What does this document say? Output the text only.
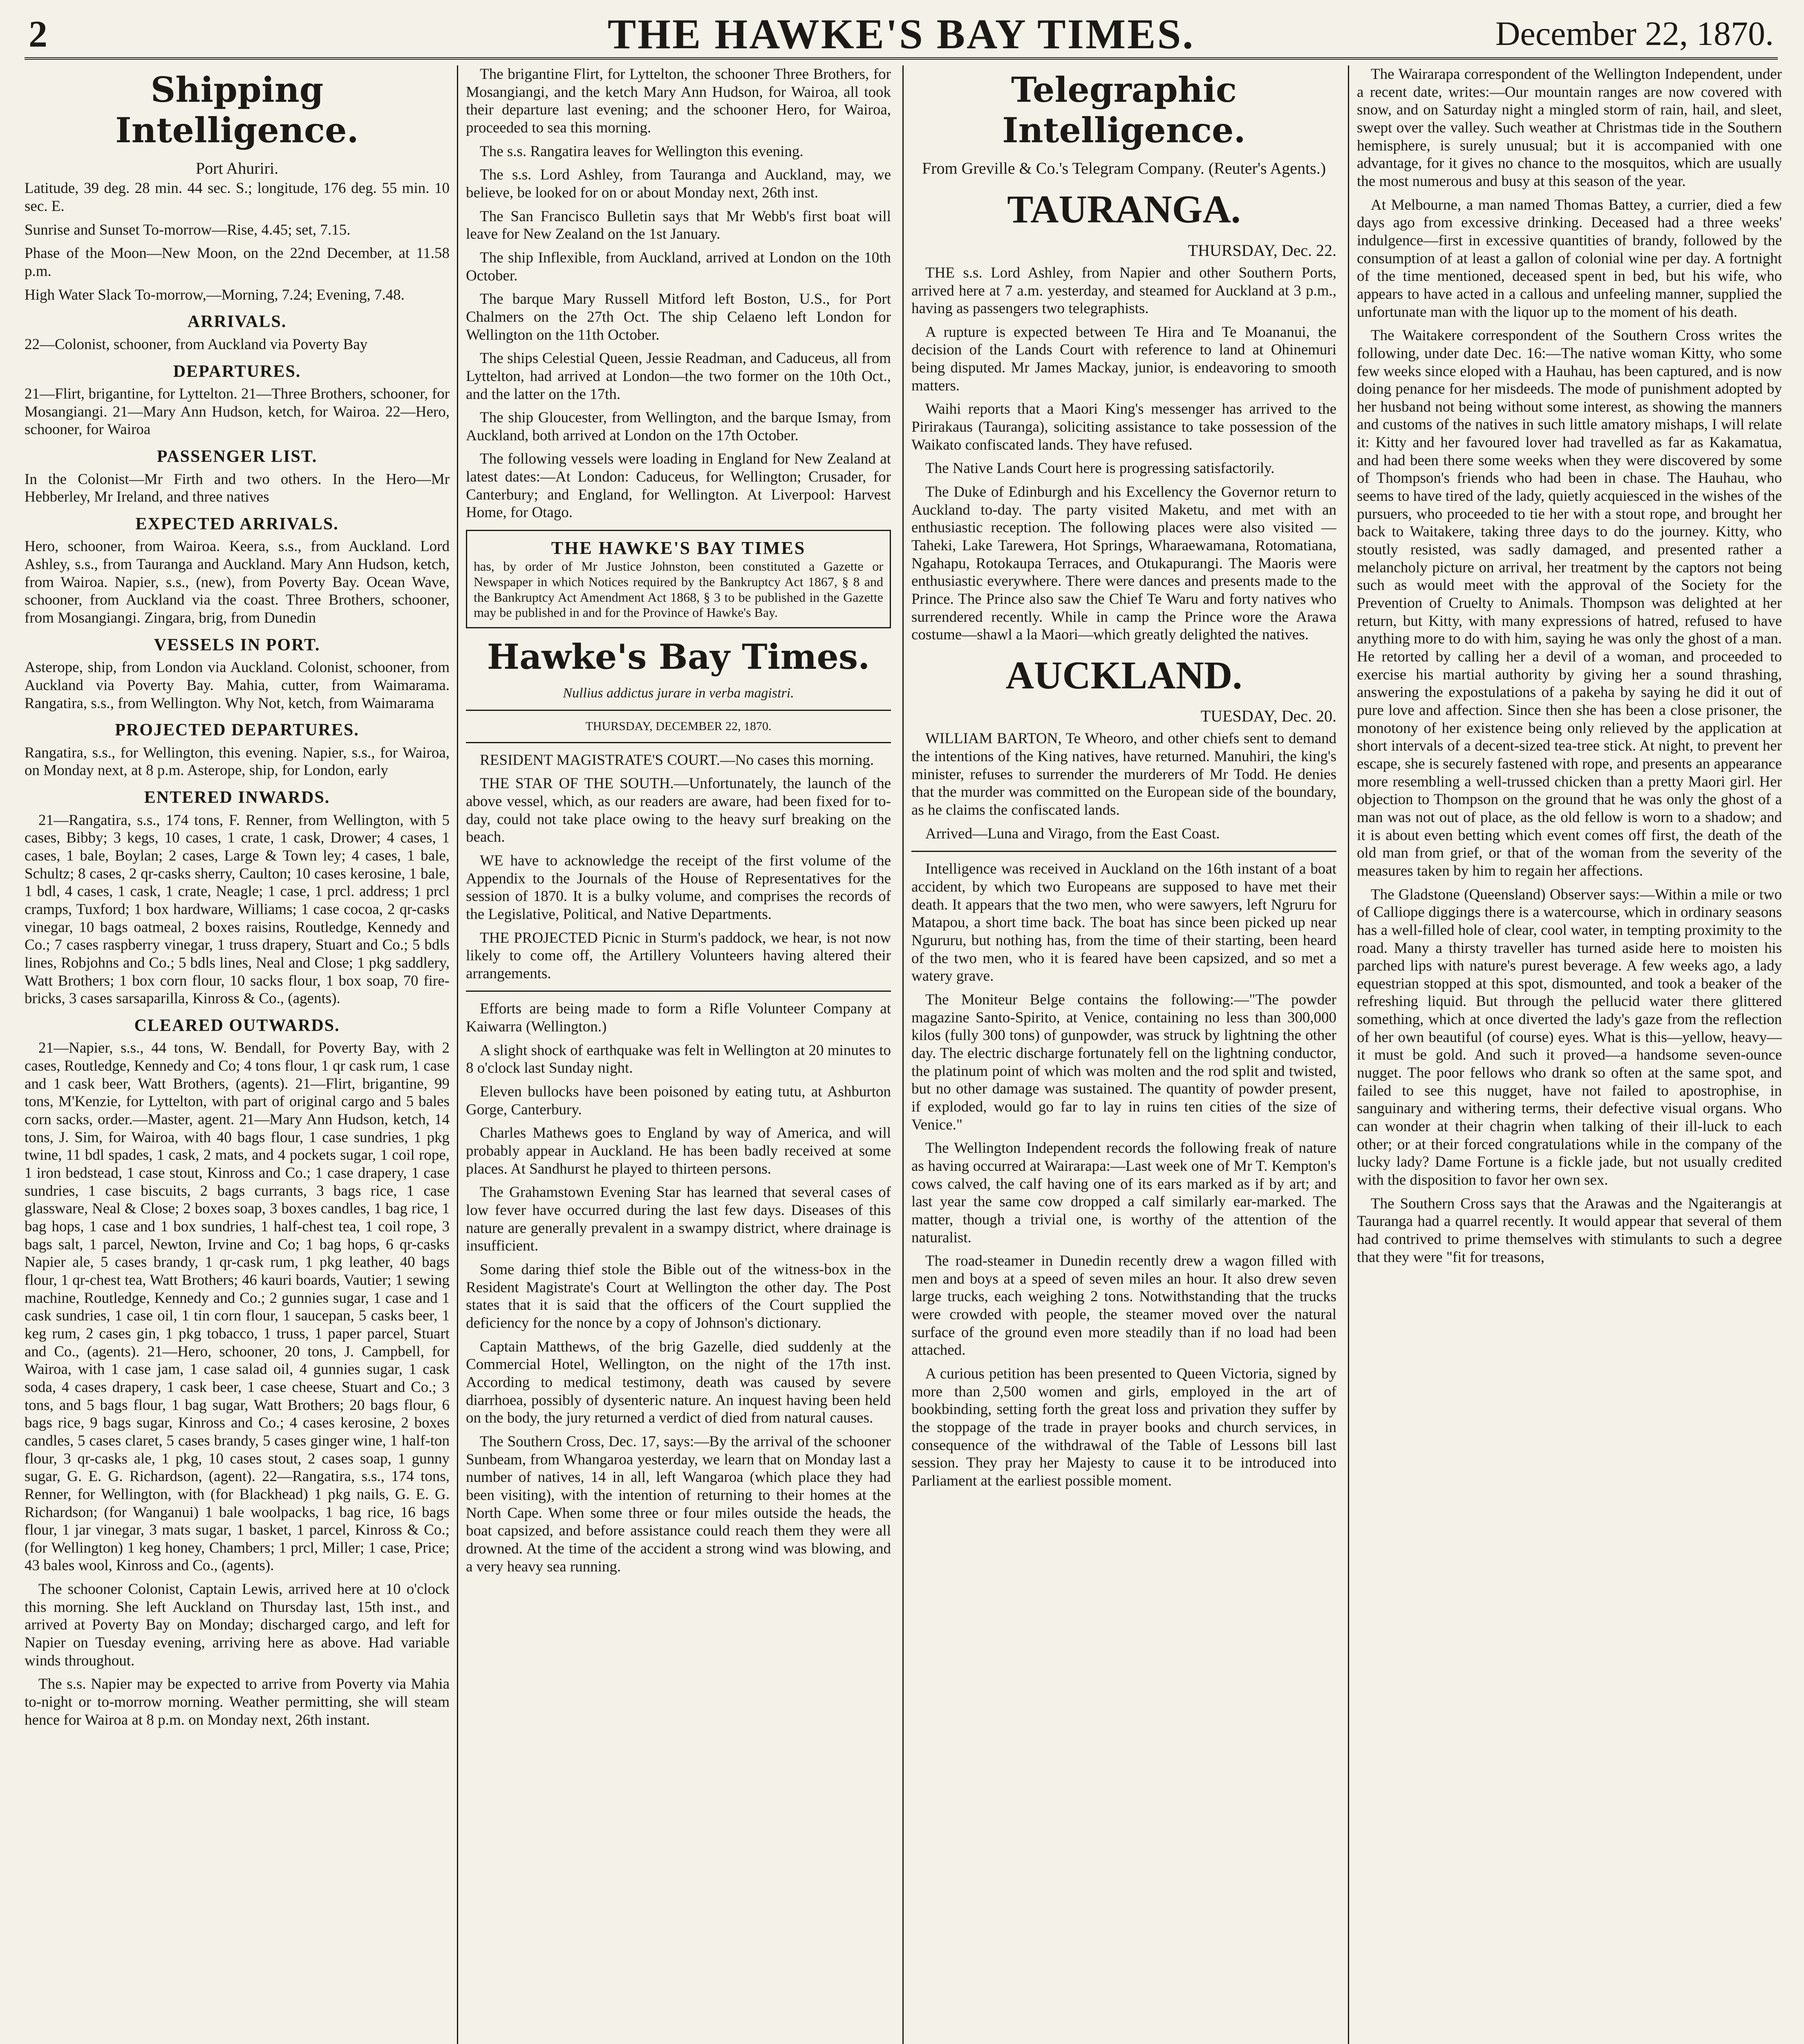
2	THE HAWKE'S BAY TIMES.	December 22, 1870.
Shipping Intelligence.
Port Ahuriri.

Latitude, 39 deg. 28 min. 44 sec. S.; longitude, 176 deg. 55 min. 10 sec. E.

Sunrise and Sunset To-morrow—Rise, 4.45; set, 7.15.

Phase of the Moon—New Moon, on the 22nd December, at 11.58 p.m.

High Water Slack To-morrow,—Morning, 7.24; Evening, 7.48.

ARRIVALS.

22—Colonist, schooner, from Auckland via Poverty Bay

DEPARTURES.

21—Flirt, brigantine, for Lyttelton. 21—Three Brothers, schooner, for Mosangiangi. 21—Mary Ann Hudson, ketch, for Wairoa. 22—Hero, schooner, for Wairoa

PASSENGER LIST.

In the Colonist—Mr Firth and two others. In the Hero—Mr Hebberley, Mr Ireland, and three natives

EXPECTED ARRIVALS.

Hero, schooner, from Wairoa. Keera, s.s., from Auckland. Lord Ashley, s.s., from Tauranga and Auckland. Mary Ann Hudson, ketch, from Wairoa. Napier, s.s., (new), from Poverty Bay. Ocean Wave, schooner, from Auckland via the coast. Three Brothers, schooner, from Mosangiangi. Zingara, brig, from Dunedin

VESSELS IN PORT.

Asterope, ship, from London via Auckland. Colonist, schooner, from Auckland via Poverty Bay. Mahia, cutter, from Waimarama. Rangatira, s.s., from Wellington. Why Not, ketch, from Waimarama

PROJECTED DEPARTURES.

Rangatira, s.s., for Wellington, this evening. Napier, s.s., for Wairoa, on Monday next, at 8 p.m. Asterope, ship, for London, early

ENTERED INWARDS.

21—Rangatira, s.s., 174 tons, F. Renner, from Wellington, with 5 cases, Bibby; 3 kegs, 10 cases, 1 crate, 1 cask, Drower; 4 cases, 1 cases, 1 bale, Boylan; 2 cases, Large & Town ley; 4 cases, 1 bale, Schultz; 8 cases, 2 qr-casks sherry, Caulton; 10 cases kerosine, 1 bale, 1 bdl, 4 cases, 1 cask, 1 crate, Neagle; 1 case, 1 prcl. address; 1 prcl cramps, Tuxford; 1 box hardware, Williams; 1 case cocoa, 2 qr-casks vinegar, 10 bags oatmeal, 2 boxes raisins, Routledge, Kennedy and Co.; 7 cases raspberry vinegar, 1 truss drapery, Stuart and Co.; 5 bdls lines, Robjohns and Co.; 5 bdls lines, Neal and Close; 1 pkg saddlery, Watt Brothers; 1 box corn flour, 10 sacks flour, 1 box soap, 70 fire-bricks, 3 cases sarsaparilla, Kinross & Co., (agents).

CLEARED OUTWARDS.

21—Napier, s.s., 44 tons, W. Bendall, for Poverty Bay, with 2 cases, Routledge, Kennedy and Co; 4 tons flour, 1 qr cask rum, 1 case and 1 cask beer, Watt Brothers, (agents). 21—Flirt, brigantine, 99 tons, M'Kenzie, for Lyttelton, with part of original cargo and 5 bales corn sacks, order.—Master, agent. 21—Mary Ann Hudson, ketch, 14 tons, J. Sim, for Wairoa, with 40 bags flour, 1 case sundries, 1 pkg twine, 11 bdl spades, 1 cask, 2 mats, and 4 pockets sugar, 1 coil rope, 1 iron bedstead, 1 case stout, Kinross and Co.; 1 case drapery, 1 case sundries, 1 case biscuits, 2 bags currants, 3 bags rice, 1 case glassware, Neal & Close; 2 boxes soap, 3 boxes candles, 1 bag rice, 1 bag hops, 1 case and 1 box sundries, 1 half-chest tea, 1 coil rope, 3 bags salt, 1 parcel, Newton, Irvine and Co; 1 bag hops, 6 qr-casks Napier ale, 5 cases brandy, 1 qr-cask rum, 1 pkg leather, 40 bags flour, 1 qr-chest tea, Watt Brothers; 46 kauri boards, Vautier; 1 sewing machine, Routledge, Kennedy and Co.; 2 gunnies sugar, 1 case and 1 cask sundries, 1 case oil, 1 tin corn flour, 1 saucepan, 5 casks beer, 1 keg rum, 2 cases gin, 1 pkg tobacco, 1 truss, 1 paper parcel, Stuart and Co., (agents). 21—Hero, schooner, 20 tons, J. Campbell, for Wairoa, with 1 case jam, 1 case salad oil, 4 gunnies sugar, 1 cask soda, 4 cases drapery, 1 cask beer, 1 case cheese, Stuart and Co.; 3 tons, and 5 bags flour, 1 bag sugar, Watt Brothers; 20 bags flour, 6 bags rice, 9 bags sugar, Kinross and Co.; 4 cases kerosine, 2 boxes candles, 5 cases claret, 5 cases brandy, 5 cases ginger wine, 1 half-ton flour, 3 qr-casks ale, 1 pkg, 10 cases stout, 2 cases soap, 1 gunny sugar, G. E. G. Richardson, (agent). 22—Rangatira, s.s., 174 tons, Renner, for Wellington, with (for Blackhead) 1 pkg nails, G. E. G. Richardson; (for Wanganui) 1 bale woolpacks, 1 bag rice, 16 bags flour, 1 jar vinegar, 3 mats sugar, 1 basket, 1 parcel, Kinross & Co.; (for Wellington) 1 keg honey, Chambers; 1 prcl, Miller; 1 case, Price; 43 bales wool, Kinross and Co., (agents).

The schooner Colonist, Captain Lewis, arrived here at 10 o'clock this morning. She left Auckland on Thursday last, 15th inst., and arrived at Poverty Bay on Monday; discharged cargo, and left for Napier on Tuesday evening, arriving here as above. Had variable winds throughout.

The s.s. Napier may be expected to arrive from Poverty via Mahia to-night or to-morrow morning. Weather permitting, she will steam hence for Wairoa at 8 p.m. on Monday next, 26th instant.

The brigantine Flirt, for Lyttelton, the schooner Three Brothers, for Mosangiangi, and the ketch Mary Ann Hudson, for Wairoa, all took their departure last evening; and the schooner Hero, for Wairoa, proceeded to sea this morning.

The s.s. Rangatira leaves for Wellington this evening.

The s.s. Lord Ashley, from Tauranga and Auckland, may, we believe, be looked for on or about Monday next, 26th inst.

The San Francisco Bulletin says that Mr Webb's first boat will leave for New Zealand on the 1st January.

The ship Inflexible, from Auckland, arrived at London on the 10th October.

The barque Mary Russell Mitford left Boston, U.S., for Port Chalmers on the 27th Oct. The ship Celaeno left London for Wellington on the 11th October.

The ships Celestial Queen, Jessie Readman, and Caduceus, all from Lyttelton, had arrived at London—the two former on the 10th Oct., and the latter on the 17th.

The ship Gloucester, from Wellington, and the barque Ismay, from Auckland, both arrived at London on the 17th October.

The following vessels were loading in England for New Zealand at latest dates:—At London: Caduceus, for Wellington; Crusader, for Canterbury; and England, for Wellington. At Liverpool: Harvest Home, for Otago.

THE HAWKE'S BAY TIMES
has, by order of Mr Justice Johnston, been constituted a Gazette or Newspaper in which Notices required by the Bankruptcy Act 1867, § 8 and the Bankruptcy Act Amendment Act 1868, § 3 to be published in the Gazette may be published in and for the Province of Hawke's Bay.
Hawke's Bay Times.
Nullius addictus jurare in verba magistri.
THURSDAY, DECEMBER 22, 1870.

RESIDENT MAGISTRATE'S COURT.—No cases this morning.

THE STAR OF THE SOUTH.—Unfortunately, the launch of the above vessel, which, as our readers are aware, had been fixed for to-day, could not take place owing to the heavy surf breaking on the beach.

WE have to acknowledge the receipt of the first volume of the Appendix to the Journals of the House of Representatives for the session of 1870. It is a bulky volume, and comprises the records of the Legislative, Political, and Native Departments.

THE PROJECTED Picnic in Sturm's paddock, we hear, is not now likely to come off, the Artillery Volunteers having altered their arrangements.

Efforts are being made to form a Rifle Volunteer Company at Kaiwarra (Wellington.)

A slight shock of earthquake was felt in Wellington at 20 minutes to 8 o'clock last Sunday night.

Eleven bullocks have been poisoned by eating tutu, at Ashburton Gorge, Canterbury.

Charles Mathews goes to England by way of America, and will probably appear in Auckland. He has been badly received at some places. At Sandhurst he played to thirteen persons.

The Grahamstown Evening Star has learned that several cases of low fever have occurred during the last few days. Diseases of this nature are generally prevalent in a swampy district, where drainage is insufficient.

Some daring thief stole the Bible out of the witness-box in the Resident Magistrate's Court at Wellington the other day. The Post states that it is said that the officers of the Court supplied the deficiency for the nonce by a copy of Johnson's dictionary.

Captain Matthews, of the brig Gazelle, died suddenly at the Commercial Hotel, Wellington, on the night of the 17th inst. According to medical testimony, death was caused by severe diarrhoea, possibly of dysenteric nature. An inquest having been held on the body, the jury returned a verdict of died from natural causes.

The Southern Cross, Dec. 17, says:—By the arrival of the schooner Sunbeam, from Whangaroa yesterday, we learn that on Monday last a number of natives, 14 in all, left Wangaroa (which place they had been visiting), with the intention of returning to their homes at the North Cape. When some three or four miles outside the heads, the boat capsized, and before assistance could reach them they were all drowned. At the time of the accident a strong wind was blowing, and a very heavy sea running.

Telegraphic Intelligence.
From Greville & Co.'s Telegram Company. (Reuter's Agents.)
TAURANGA.
THURSDAY, Dec. 22.

THE s.s. Lord Ashley, from Napier and other Southern Ports, arrived here at 7 a.m. yesterday, and steamed for Auckland at 3 p.m., having as passengers two telegraphists.

A rupture is expected between Te Hira and Te Moananui, the decision of the Lands Court with reference to land at Ohinemuri being disputed. Mr James Mackay, junior, is endeavoring to smooth matters.

Waihi reports that a Maori King's messenger has arrived to the Pirirakaus (Tauranga), soliciting assistance to take possession of the Waikato confiscated lands. They have refused.

The Native Lands Court here is progressing satisfactorily.

The Duke of Edinburgh and his Excellency the Governor return to Auckland to-day. The party visited Maketu, and met with an enthusiastic reception. The following places were also visited —Taheki, Lake Tarewera, Hot Springs, Wharaewamana, Rotomatiana, Ngahapu, Rotokaupa Terraces, and Otukapurangi. The Maoris were enthusiastic everywhere. There were dances and presents made to the Prince. The Prince also saw the Chief Te Waru and forty natives who surrendered recently. While in camp the Prince wore the Arawa costume—shawl a la Maori—which greatly delighted the natives.

AUCKLAND.
TUESDAY, Dec. 20.

WILLIAM BARTON, Te Wheoro, and other chiefs sent to demand the intentions of the King natives, have returned. Manuhiri, the king's minister, refuses to surrender the murderers of Mr Todd. He denies that the murder was committed on the European side of the boundary, as he claims the confiscated lands.

Arrived—Luna and Virago, from the East Coast.

Intelligence was received in Auckland on the 16th instant of a boat accident, by which two Europeans are supposed to have met their death. It appears that the two men, who were sawyers, left Ngruru for Matapou, a short time back. The boat has since been picked up near Ngururu, but nothing has, from the time of their starting, been heard of the two men, who it is feared have been capsized, and so met a watery grave.

The Moniteur Belge contains the following:—"The powder magazine Santo-Spirito, at Venice, containing no less than 300,000 kilos (fully 300 tons) of gunpowder, was struck by lightning the other day. The electric discharge fortunately fell on the lightning conductor, the platinum point of which was molten and the rod split and twisted, but no other damage was sustained. The quantity of powder present, if exploded, would go far to lay in ruins ten cities of the size of Venice."

The Wellington Independent records the following freak of nature as having occurred at Wairarapa:—Last week one of Mr T. Kempton's cows calved, the calf having one of its ears marked as if by art; and last year the same cow dropped a calf similarly ear-marked. The matter, though a trivial one, is worthy of the attention of the naturalist.

The road-steamer in Dunedin recently drew a wagon filled with men and boys at a speed of seven miles an hour. It also drew seven large trucks, each weighing 2 tons. Notwithstanding that the trucks were crowded with people, the steamer moved over the natural surface of the ground even more steadily than if no load had been attached.

A curious petition has been presented to Queen Victoria, signed by more than 2,500 women and girls, employed in the art of bookbinding, setting forth the great loss and privation they suffer by the stoppage of the trade in prayer books and church services, in consequence of the withdrawal of the Table of Lessons bill last session. They pray her Majesty to cause it to be introduced into Parliament at the earliest possible moment.

The Wairarapa correspondent of the Wellington Independent, under a recent date, writes:—Our mountain ranges are now covered with snow, and on Saturday night a mingled storm of rain, hail, and sleet, swept over the valley. Such weather at Christmas tide in the Southern hemisphere, is surely unusual; but it is accompanied with one advantage, for it gives no chance to the mosquitos, which are usually the most numerous and busy at this season of the year.

At Melbourne, a man named Thomas Battey, a currier, died a few days ago from excessive drinking. Deceased had a three weeks' indulgence—first in excessive quantities of brandy, followed by the consumption of at least a gallon of colonial wine per day. A fortnight of the time mentioned, deceased spent in bed, but his wife, who appears to have acted in a callous and unfeeling manner, supplied the unfortunate man with the liquor up to the moment of his death.

The Waitakere correspondent of the Southern Cross writes the following, under date Dec. 16:—The native woman Kitty, who some few weeks since eloped with a Hauhau, has been captured, and is now doing penance for her misdeeds. The mode of punishment adopted by her husband not being without some interest, as showing the manners and customs of the natives in such little amatory mishaps, I will relate it: Kitty and her favoured lover had travelled as far as Kakamatua, and had been there some weeks when they were discovered by some of Thompson's friends who had been in chase. The Hauhau, who seems to have tired of the lady, quietly acquiesced in the wishes of the pursuers, who proceeded to tie her with a stout rope, and brought her back to Waitakere, taking three days to do the journey. Kitty, who stoutly resisted, was sadly damaged, and presented rather a melancholy picture on arrival, her treatment by the captors not being such as would meet with the approval of the Society for the Prevention of Cruelty to Animals. Thompson was delighted at her return, but Kitty, with many expressions of hatred, refused to have anything more to do with him, saying he was only the ghost of a man. He retorted by calling her a devil of a woman, and proceeded to exercise his martial authority by giving her a sound thrashing, answering the expostulations of a pakeha by saying he did it out of pure love and affection. Since then she has been a close prisoner, the monotony of her existence being only relieved by the application at short intervals of a decent-sized tea-tree stick. At night, to prevent her escape, she is securely fastened with rope, and presents an appearance more resembling a well-trussed chicken than a pretty Maori girl. Her objection to Thompson on the ground that he was only the ghost of a man was not out of place, as the old fellow is worn to a shadow; and it is about even betting which event comes off first, the death of the old man from grief, or that of the woman from the severity of the measures taken by him to regain her affections.

The Gladstone (Queensland) Observer says:—Within a mile or two of Calliope diggings there is a watercourse, which in ordinary seasons has a well-filled hole of clear, cool water, in tempting proximity to the road. Many a thirsty traveller has turned aside here to moisten his parched lips with nature's purest beverage. A few weeks ago, a lady equestrian stopped at this spot, dismounted, and took a beaker of the refreshing liquid. But through the pellucid water there glittered something, which at once diverted the lady's gaze from the reflection of her own beautiful (of course) eyes. What is this—yellow, heavy—it must be gold. And such it proved—a handsome seven-ounce nugget. The poor fellows who drank so often at the same spot, and failed to see this nugget, have not failed to apostrophise, in sanguinary and withering terms, their defective visual organs. Who can wonder at their chagrin when talking of their ill-luck to each other; or at their forced congratulations while in the company of the lucky lady? Dame Fortune is a fickle jade, but not usually credited with the disposition to favor her own sex.

The Southern Cross says that the Arawas and the Ngaiterangis at Tauranga had a quarrel recently. It would appear that several of them had contrived to prime themselves with stimulants to such a degree that they were "fit for treasons,
